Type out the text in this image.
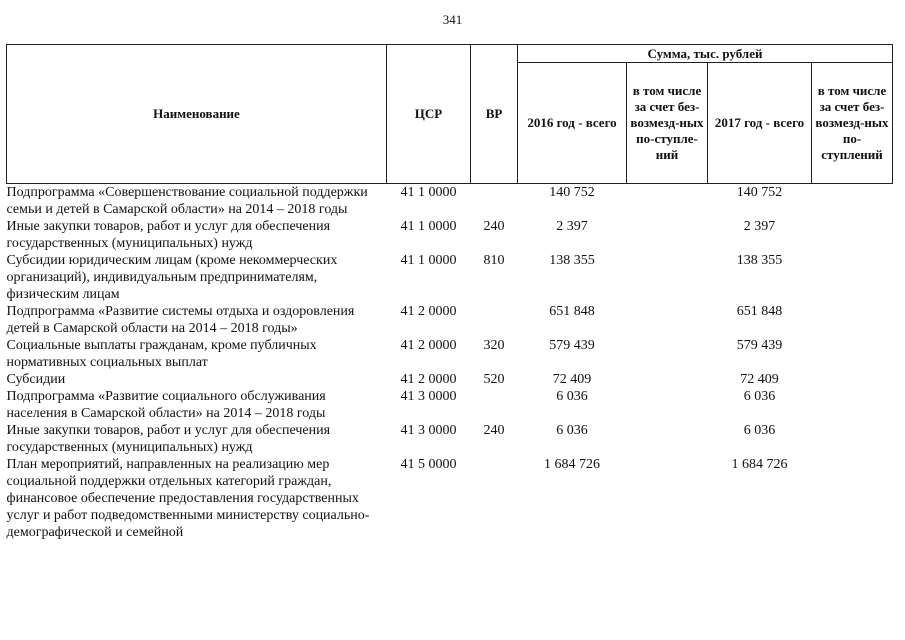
341
Наименование	ЦСР	ВР	Сумма, тыс. рублей			
			2016 год - всего	в том числе за счет без-возмезд-ных по-ступле-ний	2017 год - всего	в том числе за счет без-возмезд-ных по-ступлений
Подпрограмма «Совершенствование социальной поддержки семьи и детей в Самарской области» на 2014 – 2018 годы	41 1 0000		140 752		140 752	
Иные закупки товаров, работ и услуг для обеспечения государственных (муниципальных) нужд	41 1 0000	240	2 397		2 397	
Субсидии юридическим лицам (кроме некоммерческих организаций), индивидуальным предпринимателям, физическим лицам	41 1 0000	810	138 355		138 355	
Подпрограмма «Развитие системы отдыха и оздоровления детей в Самарской области на 2014 – 2018 годы»	41 2 0000		651 848		651 848	
Социальные выплаты гражданам, кроме публичных нормативных социальных выплат	41 2 0000	320	579 439		579 439	
Субсидии	41 2 0000	520	72 409		72 409	
Подпрограмма «Развитие социального обслуживания населения в Самарской области» на 2014 – 2018 годы	41 3 0000		6 036		6 036	
Иные закупки товаров, работ и услуг для обеспечения государственных (муниципальных) нужд	41 3 0000	240	6 036		6 036	
План мероприятий, направленных на реализацию мер социальной поддержки отдельных категорий граждан, финансовое обеспечение предоставления государственных услуг и работ подведомственными министерству социально-демографической и семейной	41 5 0000		1 684 726		1 684 726	
